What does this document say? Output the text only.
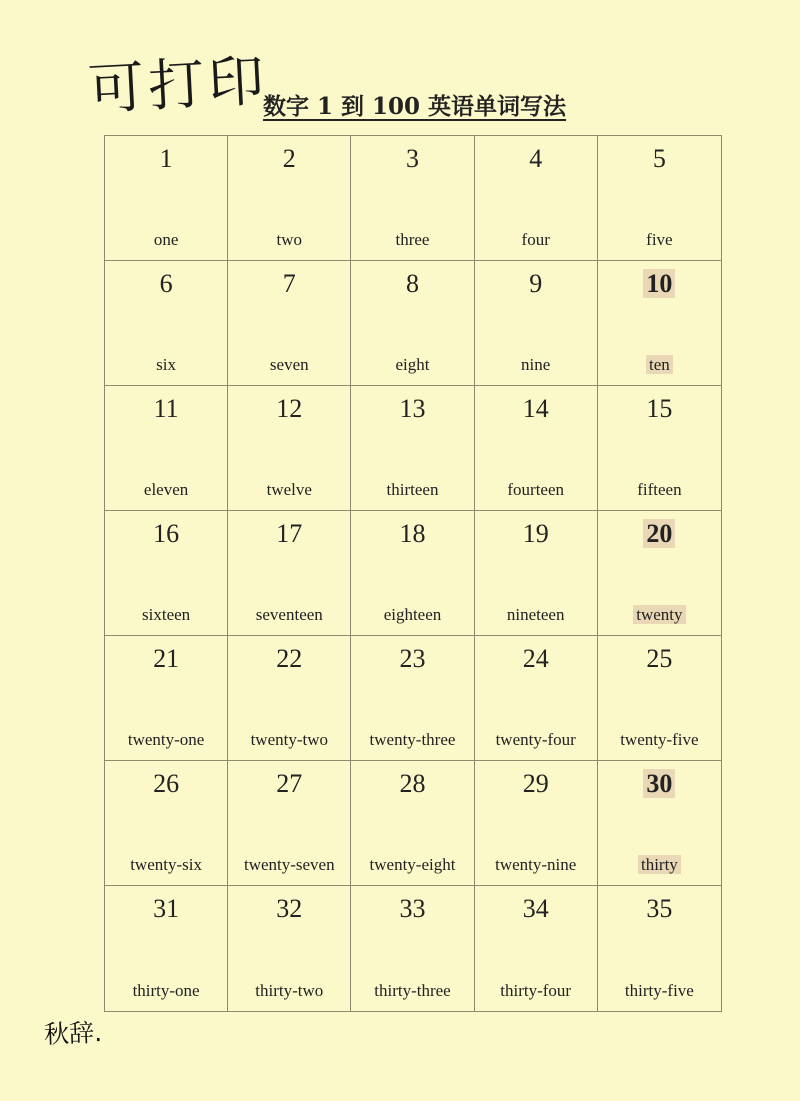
可打印
数字 1 到 100 英语单词写法
1
one
2
two
3
three
4
four
5
five
6
six
7
seven
8
eight
9
nine
10
ten
11
eleven
12
twelve
13
thirteen
14
fourteen
15
fifteen
16
sixteen
17
seventeen
18
eighteen
19
nineteen
20
twenty
21
twenty-one
22
twenty-two
23
twenty-three
24
twenty-four
25
twenty-five
26
twenty-six
27
twenty-seven
28
twenty-eight
29
twenty-nine
30
thirty
31
thirty-one
32
thirty-two
33
thirty-three
34
thirty-four
35
thirty-five
秋辞.
